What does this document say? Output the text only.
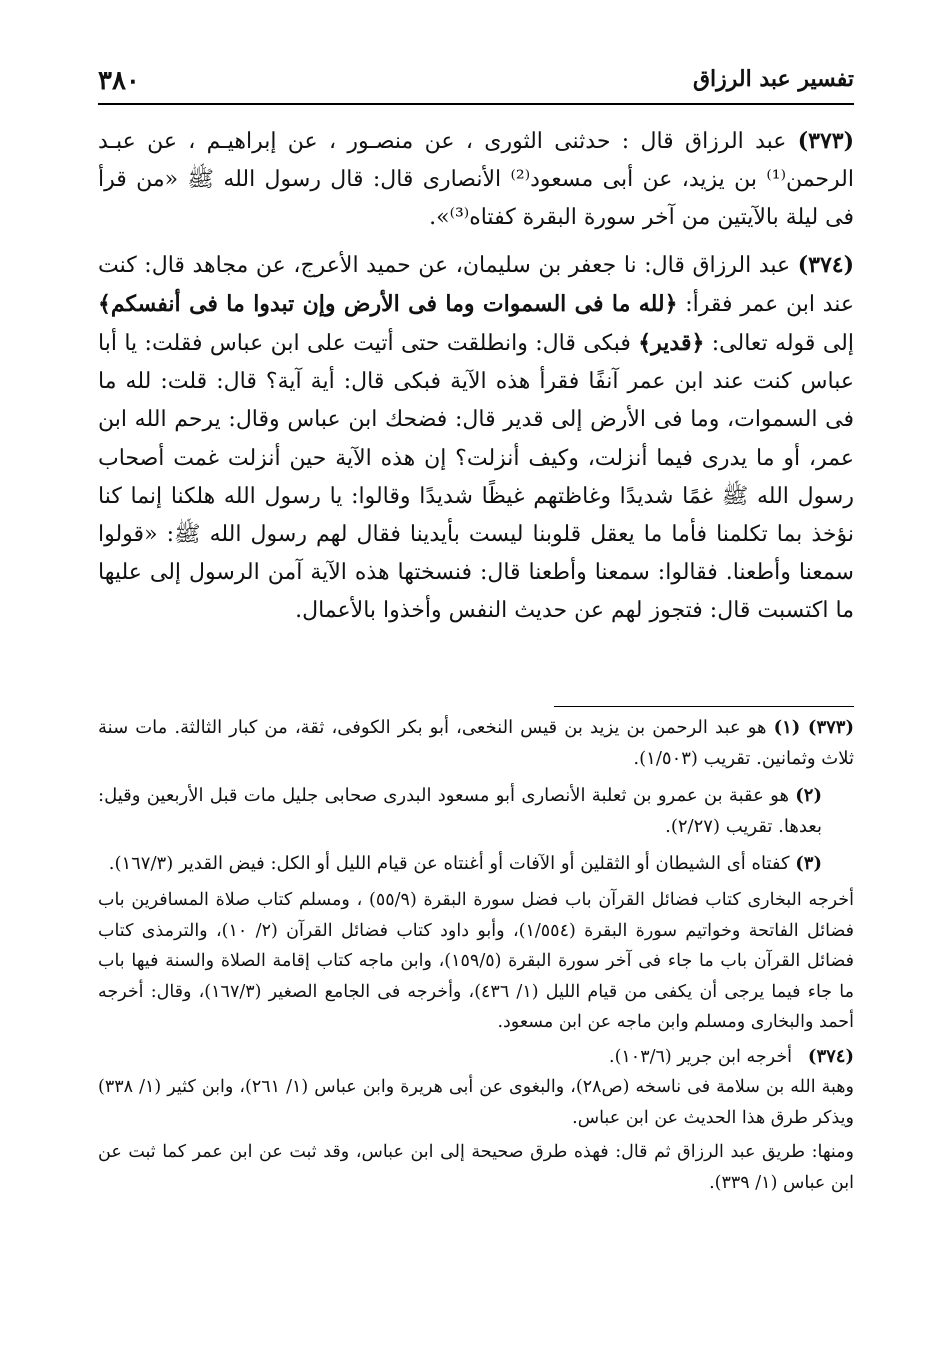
تفسير عبد الرزاق
٣٨٠

(٣٧٣) عبد الرزاق قال : حدثنى الثورى ، عن منصـور ، عن إبراهيـم ، عن عبـد الرحمن⁽¹⁾ بن يزيد، عن أبى مسعود⁽²⁾ الأنصارى قال: قال رسول الله ﷺ «من قرأ فى ليلة بالآيتين من آخر سورة البقرة كفتاه⁽³⁾».

(٣٧٤) عبد الرزاق قال: نا جعفر بن سليمان، عن حميد الأعرج، عن مجاهد قال: كنت عند ابن عمر فقرأ: ﴿لله ما فى السموات وما فى الأرض وإن تبدوا ما فى أنفسكم﴾ إلى قوله تعالى: ﴿قدير﴾ فبكى قال: وانطلقت حتى أتيت على ابن عباس فقلت: يا أبا عباس كنت عند ابن عمر آنفًا فقرأ هذه الآية فبكى قال: أية آية؟ قال: قلت: لله ما فى السموات، وما فى الأرض إلى قدير قال: فضحك ابن عباس وقال: يرحم الله ابن عمر، أو ما يدرى فيما أنزلت، وكيف أنزلت؟ إن هذه الآية حين أنزلت غمت أصحاب رسول الله ﷺ غمًا شديدًا وغاظتهم غيظًا شديدًا وقالوا: يا رسول الله هلكنا إنما كنا نؤخذ بما تكلمنا فأما ما يعقل قلوبنا ليست بأيدينا فقال لهم رسول الله ﷺ: «قولوا سمعنا وأطعنا. فقالوا: سمعنا وأطعنا قال: فنسختها هذه الآية آمن الرسول إلى عليها ما اكتسبت قال: فتجوز لهم عن حديث النفس وأخذوا بالأعمال.

(٣٧٣) (١) هو عبد الرحمن بن يزيد بن قيس النخعى، أبو بكر الكوفى، ثقة، من كبار الثالثة. مات سنة ثلاث وثمانين. تقريب (١/٥٠٣).

(٢) هو عقبة بن عمرو بن ثعلبة الأنصارى أبو مسعود البدرى صحابى جليل مات قبل الأربعين وقيل: بعدها. تقريب (٢/٢٧).

(٣) كفتاه أى الشيطان أو الثقلين أو الآفات أو أغنتاه عن قيام الليل أو الكل: فيض القدير (١٦٧/٣).

أخرجه البخارى كتاب فضائل القرآن باب فضل سورة البقرة (٥٥/٩) ، ومسلم كتاب صلاة المسافرين باب فضائل الفاتحة وخواتيم سورة البقرة (١/٥٥٤)، وأبو داود كتاب فضائل القرآن (٢/ ١٠)، والترمذى كتاب فضائل القرآن باب ما جاء فى آخر سورة البقرة (١٥٩/٥)، وابن ماجه كتاب إقامة الصلاة والسنة فيها باب ما جاء فيما يرجى أن يكفى من قيام الليل (١/ ٤٣٦)، وأخرجه فى الجامع الصغير (١٦٧/٣)، وقال: أخرجه أحمد والبخارى ومسلم وابن ماجه عن ابن مسعود.

(٣٧٤)
أخرجه ابن جرير (١٠٣/٦).

وهبة الله بن سلامة فى ناسخه (ص٢٨)، والبغوى عن أبى هريرة وابن عباس (١/ ٢٦١)، وابن كثير (١/ ٣٣٨) ويذكر طرق هذا الحديث عن ابن عباس.

ومنها: طريق عبد الرزاق ثم قال: فهذه طرق صحيحة إلى ابن عباس، وقد ثبت عن ابن عمر كما ثبت عن ابن عباس (١/ ٣٣٩).
